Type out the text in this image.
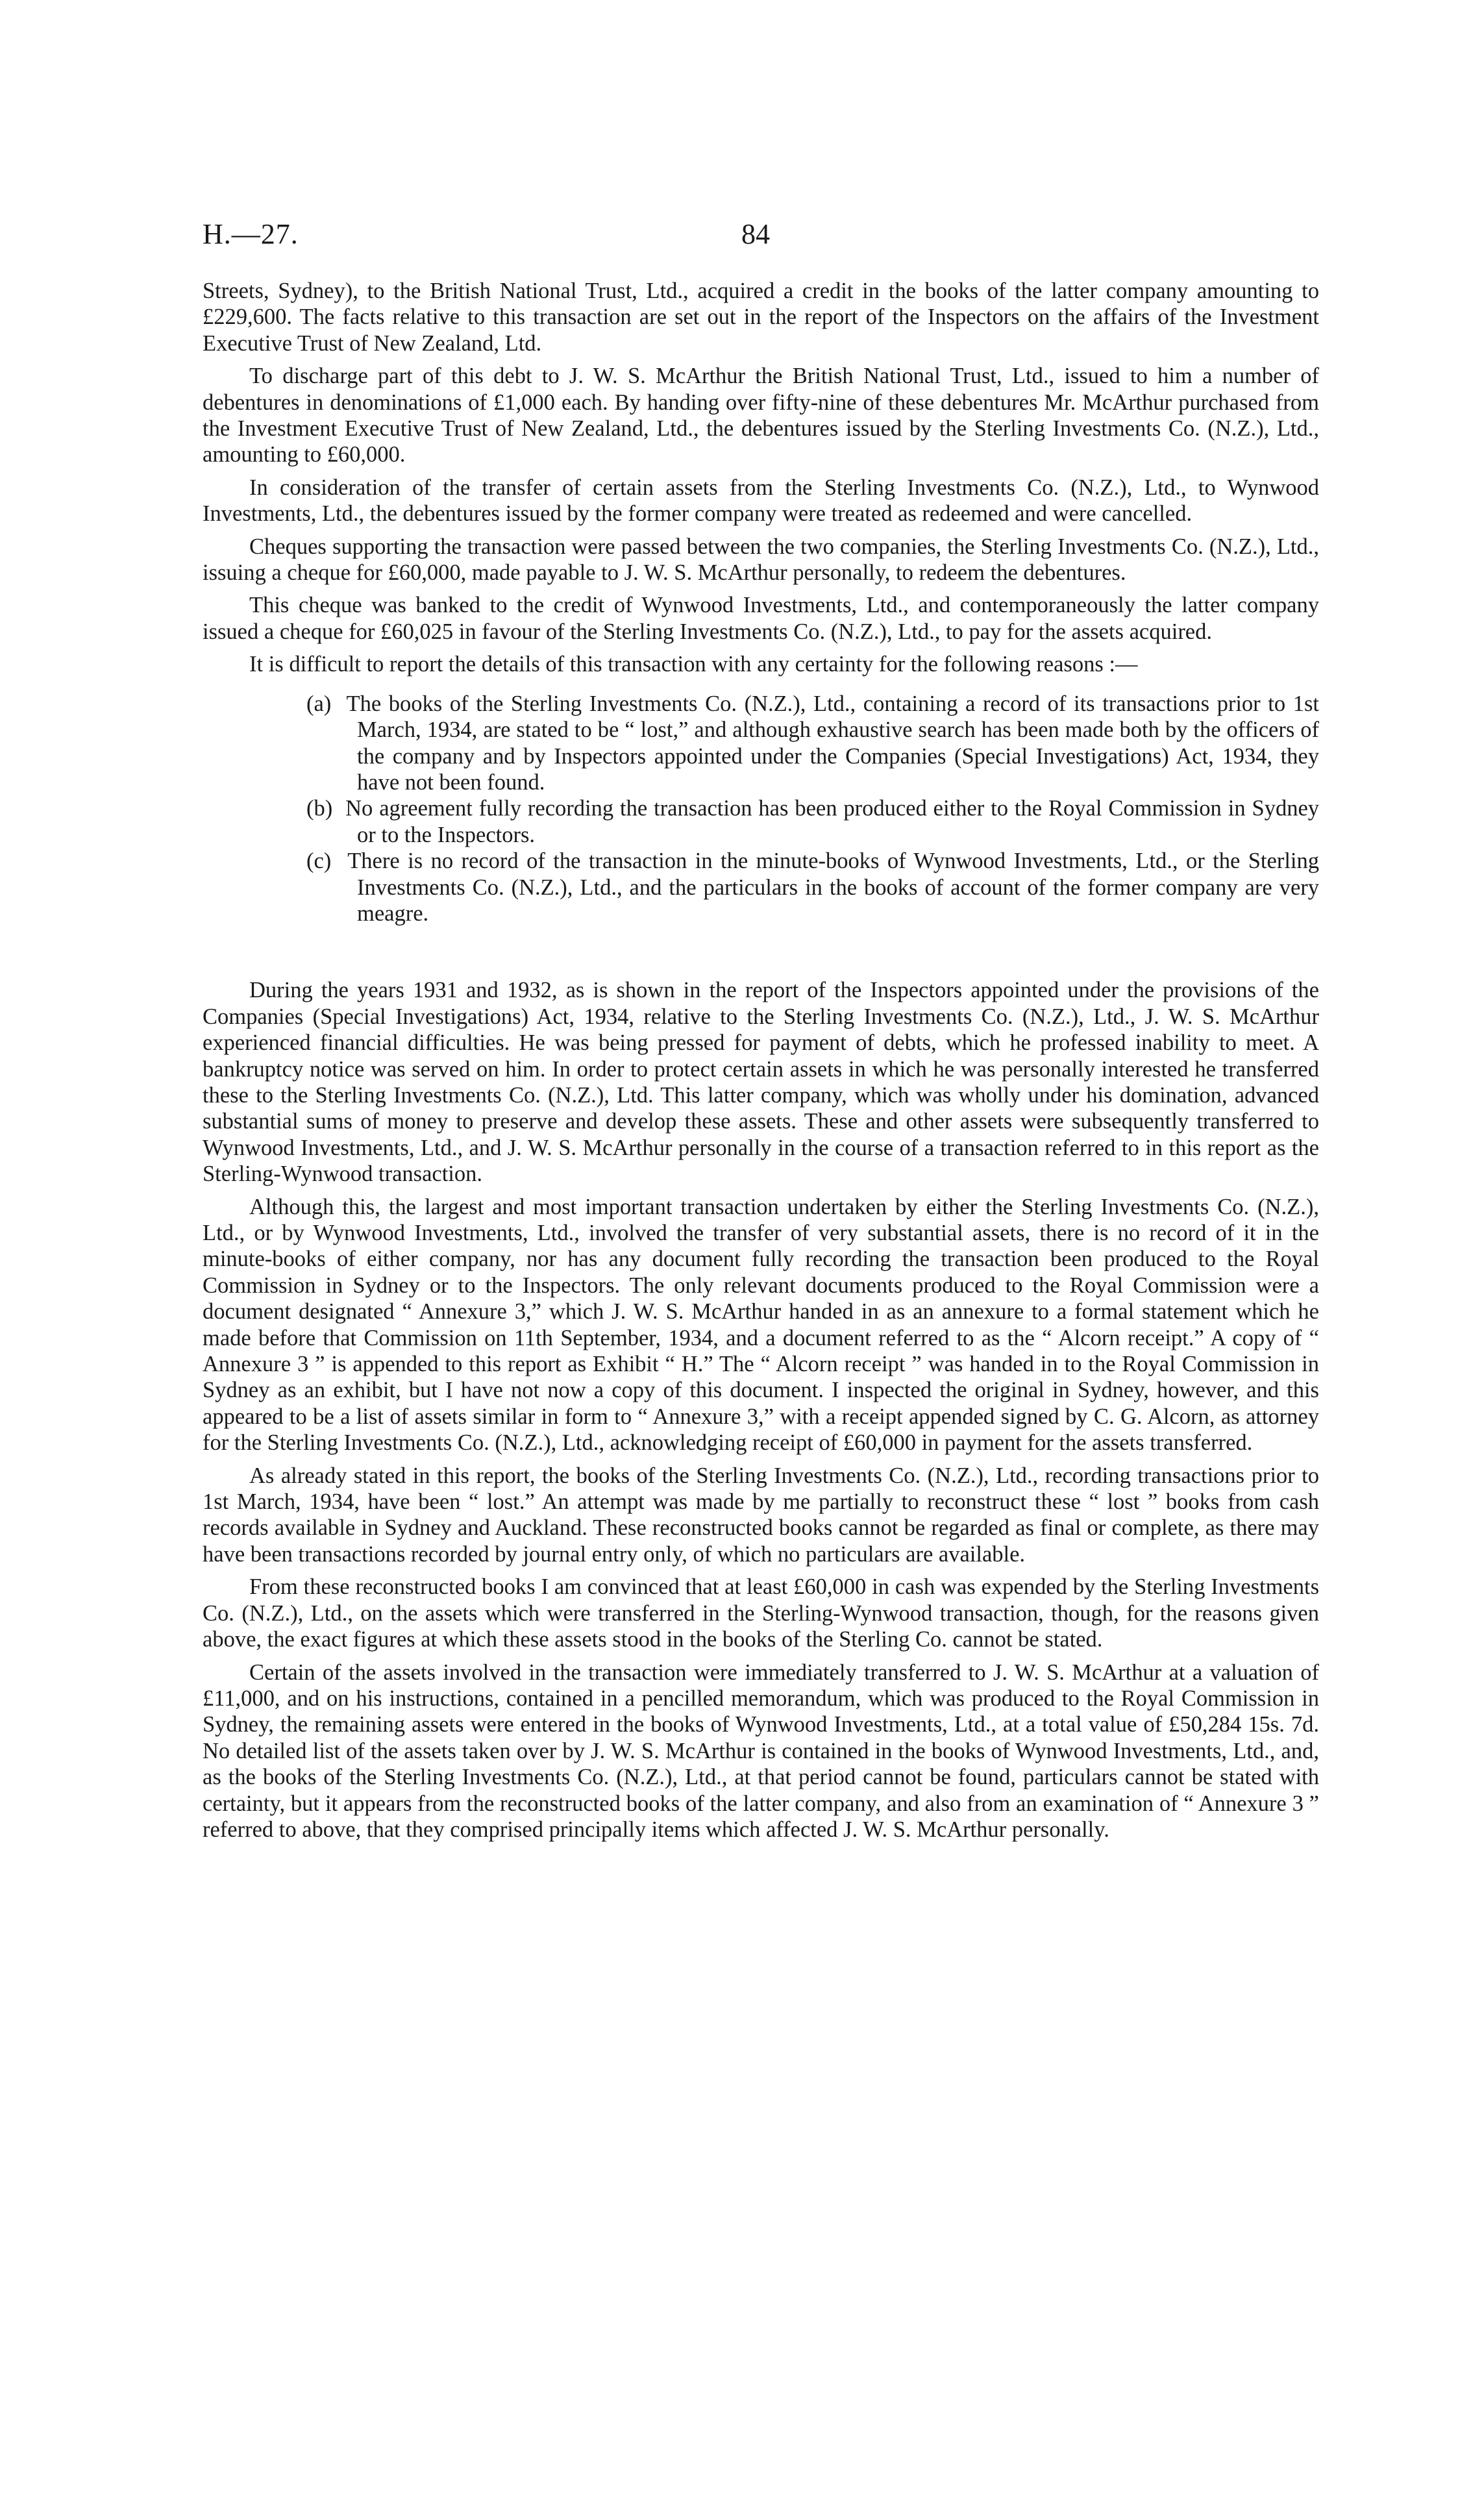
H.—27.	84

Streets, Sydney), to the British National Trust, Ltd., acquired a credit in the books of the latter company amounting to £229,600. The facts relative to this transaction are set out in the report of the Inspectors on the affairs of the Investment Executive Trust of New Zealand, Ltd.

To discharge part of this debt to J. W. S. McArthur the British National Trust, Ltd., issued to him a number of debentures in denominations of £1,000 each. By handing over fifty-nine of these debentures Mr. McArthur purchased from the Investment Executive Trust of New Zealand, Ltd., the debentures issued by the Sterling Investments Co. (N.Z.), Ltd., amounting to £60,000.

In consideration of the transfer of certain assets from the Sterling Investments Co. (N.Z.), Ltd., to Wynwood Investments, Ltd., the debentures issued by the former company were treated as redeemed and were cancelled.

Cheques supporting the transaction were passed between the two companies, the Sterling Investments Co. (N.Z.), Ltd., issuing a cheque for £60,000, made payable to J. W. S. McArthur personally, to redeem the debentures.

This cheque was banked to the credit of Wynwood Investments, Ltd., and contemporaneously the latter company issued a cheque for £60,025 in favour of the Sterling Investments Co. (N.Z.), Ltd., to pay for the assets acquired.

It is difficult to report the details of this transaction with any certainty for the following reasons :—

(a) The books of the Sterling Investments Co. (N.Z.), Ltd., containing a record of its transactions prior to 1st March, 1934, are stated to be “ lost,” and although exhaustive search has been made both by the officers of the company and by Inspectors appointed under the Companies (Special Investigations) Act, 1934, they have not been found.
(b) No agreement fully recording the transaction has been produced either to the Royal Commission in Sydney or to the Inspectors.
(c) There is no record of the transaction in the minute-books of Wynwood Investments, Ltd., or the Sterling Investments Co. (N.Z.), Ltd., and the particulars in the books of account of the former company are very meagre.

During the years 1931 and 1932, as is shown in the report of the Inspectors appointed under the provisions of the Companies (Special Investigations) Act, 1934, relative to the Sterling Investments Co. (N.Z.), Ltd., J. W. S. McArthur experienced financial difficulties. He was being pressed for payment of debts, which he professed inability to meet. A bankruptcy notice was served on him. In order to protect certain assets in which he was personally interested he transferred these to the Sterling Investments Co. (N.Z.), Ltd. This latter company, which was wholly under his domination, advanced substantial sums of money to preserve and develop these assets. These and other assets were subsequently transferred to Wynwood Investments, Ltd., and J. W. S. McArthur personally in the course of a transaction referred to in this report as the Sterling-Wynwood transaction.

Although this, the largest and most important transaction undertaken by either the Sterling Investments Co. (N.Z.), Ltd., or by Wynwood Investments, Ltd., involved the transfer of very substantial assets, there is no record of it in the minute-books of either company, nor has any document fully recording the transaction been produced to the Royal Commission in Sydney or to the Inspectors. The only relevant documents produced to the Royal Commission were a document designated “ Annexure 3,” which J. W. S. McArthur handed in as an annexure to a formal statement which he made before that Commission on 11th September, 1934, and a document referred to as the “ Alcorn receipt.” A copy of “ Annexure 3 ” is appended to this report as Exhibit “ H.” The “ Alcorn receipt ” was handed in to the Royal Commission in Sydney as an exhibit, but I have not now a copy of this document. I inspected the original in Sydney, however, and this appeared to be a list of assets similar in form to “ Annexure 3,” with a receipt appended signed by C. G. Alcorn, as attorney for the Sterling Investments Co. (N.Z.), Ltd., acknowledging receipt of £60,000 in payment for the assets transferred.

As already stated in this report, the books of the Sterling Investments Co. (N.Z.), Ltd., recording transactions prior to 1st March, 1934, have been “ lost.” An attempt was made by me partially to reconstruct these “ lost ” books from cash records available in Sydney and Auckland. These reconstructed books cannot be regarded as final or complete, as there may have been transactions recorded by journal entry only, of which no particulars are available.

From these reconstructed books I am convinced that at least £60,000 in cash was expended by the Sterling Investments Co. (N.Z.), Ltd., on the assets which were transferred in the Sterling-Wynwood transaction, though, for the reasons given above, the exact figures at which these assets stood in the books of the Sterling Co. cannot be stated.

Certain of the assets involved in the transaction were immediately transferred to J. W. S. McArthur at a valuation of £11,000, and on his instructions, contained in a pencilled memorandum, which was produced to the Royal Commission in Sydney, the remaining assets were entered in the books of Wynwood Investments, Ltd., at a total value of £50,284 15s. 7d. No detailed list of the assets taken over by J. W. S. McArthur is contained in the books of Wynwood Investments, Ltd., and, as the books of the Sterling Investments Co. (N.Z.), Ltd., at that period cannot be found, particulars cannot be stated with certainty, but it appears from the reconstructed books of the latter company, and also from an examination of “ Annexure 3 ” referred to above, that they comprised principally items which affected J. W. S. McArthur personally.
